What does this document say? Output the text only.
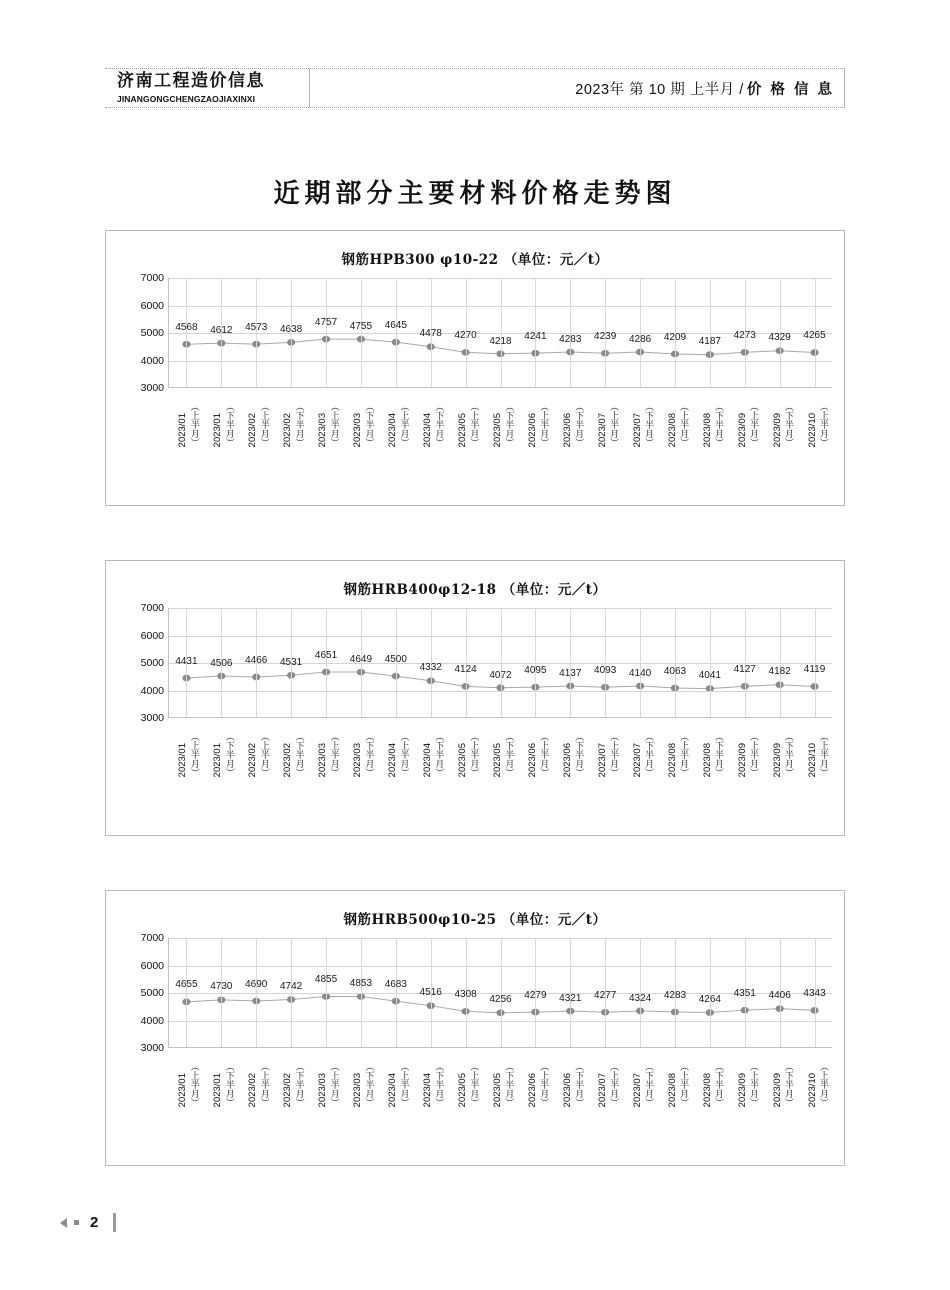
济南工程造价信息
JINANGONGCHENGZAOJIAXINXI
2023年 第 10 期 上半月 / 价 格 信 息
近期部分主要材料价格走势图
钢筋HPB300 φ10-22 （单位：元／t）
7000
6000
5000
4000
3000
4568 4612 4573 4638
4757 4755 4645
4478 4270 4218 4241 4283 4239 4286 4209 4187
4273 4329 4265
2023/01（上半月） 2023/01（下半月） 2023/02（上半月） 2023/02（下半月） 2023/03（上半月） 2023/03（下半月） 2023/04（上半月） 2023/04（下半月） 2023/05（上半月） 2023/05（下半月） 2023/06（上半月） 2023/06（下半月） 2023/07（上半月） 2023/07（下半月） 2023/08（上半月） 2023/08（下半月） 2023/09（上半月） 2023/09（下半月） 2023/10（上半月）
钢筋HRB400φ12-18 （单位：元／t）
7000
6000
5000
4000
3000
4431 4506 4466 4531
4651 4649 4500
4332 4124 4072 4095 4137 4093 4140 4063 4041
4127 4182 4119
2023/01（上半月） 2023/01（下半月） 2023/02（上半月） 2023/02（下半月） 2023/03（上半月） 2023/03（下半月） 2023/04（上半月） 2023/04（下半月） 2023/05（上半月） 2023/05（下半月） 2023/06（上半月） 2023/06（下半月） 2023/07（上半月） 2023/07（下半月） 2023/08（上半月） 2023/08（下半月） 2023/09（上半月） 2023/09（下半月） 2023/10（上半月）
钢筋HRB500φ10-25 （单位：元／t）
7000
6000
5000
4000
3000
4655 4730 4690 4742
4855 4853 4683
4516 4308 4256 4279 4321 4277 4324 4283 4264
4351 4406 4343
2023/01（上半月） 2023/01（下半月） 2023/02（上半月） 2023/02（下半月） 2023/03（上半月） 2023/03（下半月） 2023/04（上半月） 2023/04（下半月） 2023/05（上半月） 2023/05（下半月） 2023/06（上半月） 2023/06（下半月） 2023/07（上半月） 2023/07（下半月） 2023/08（上半月） 2023/08（下半月） 2023/09（上半月） 2023/09（下半月） 2023/10（上半月）
2
